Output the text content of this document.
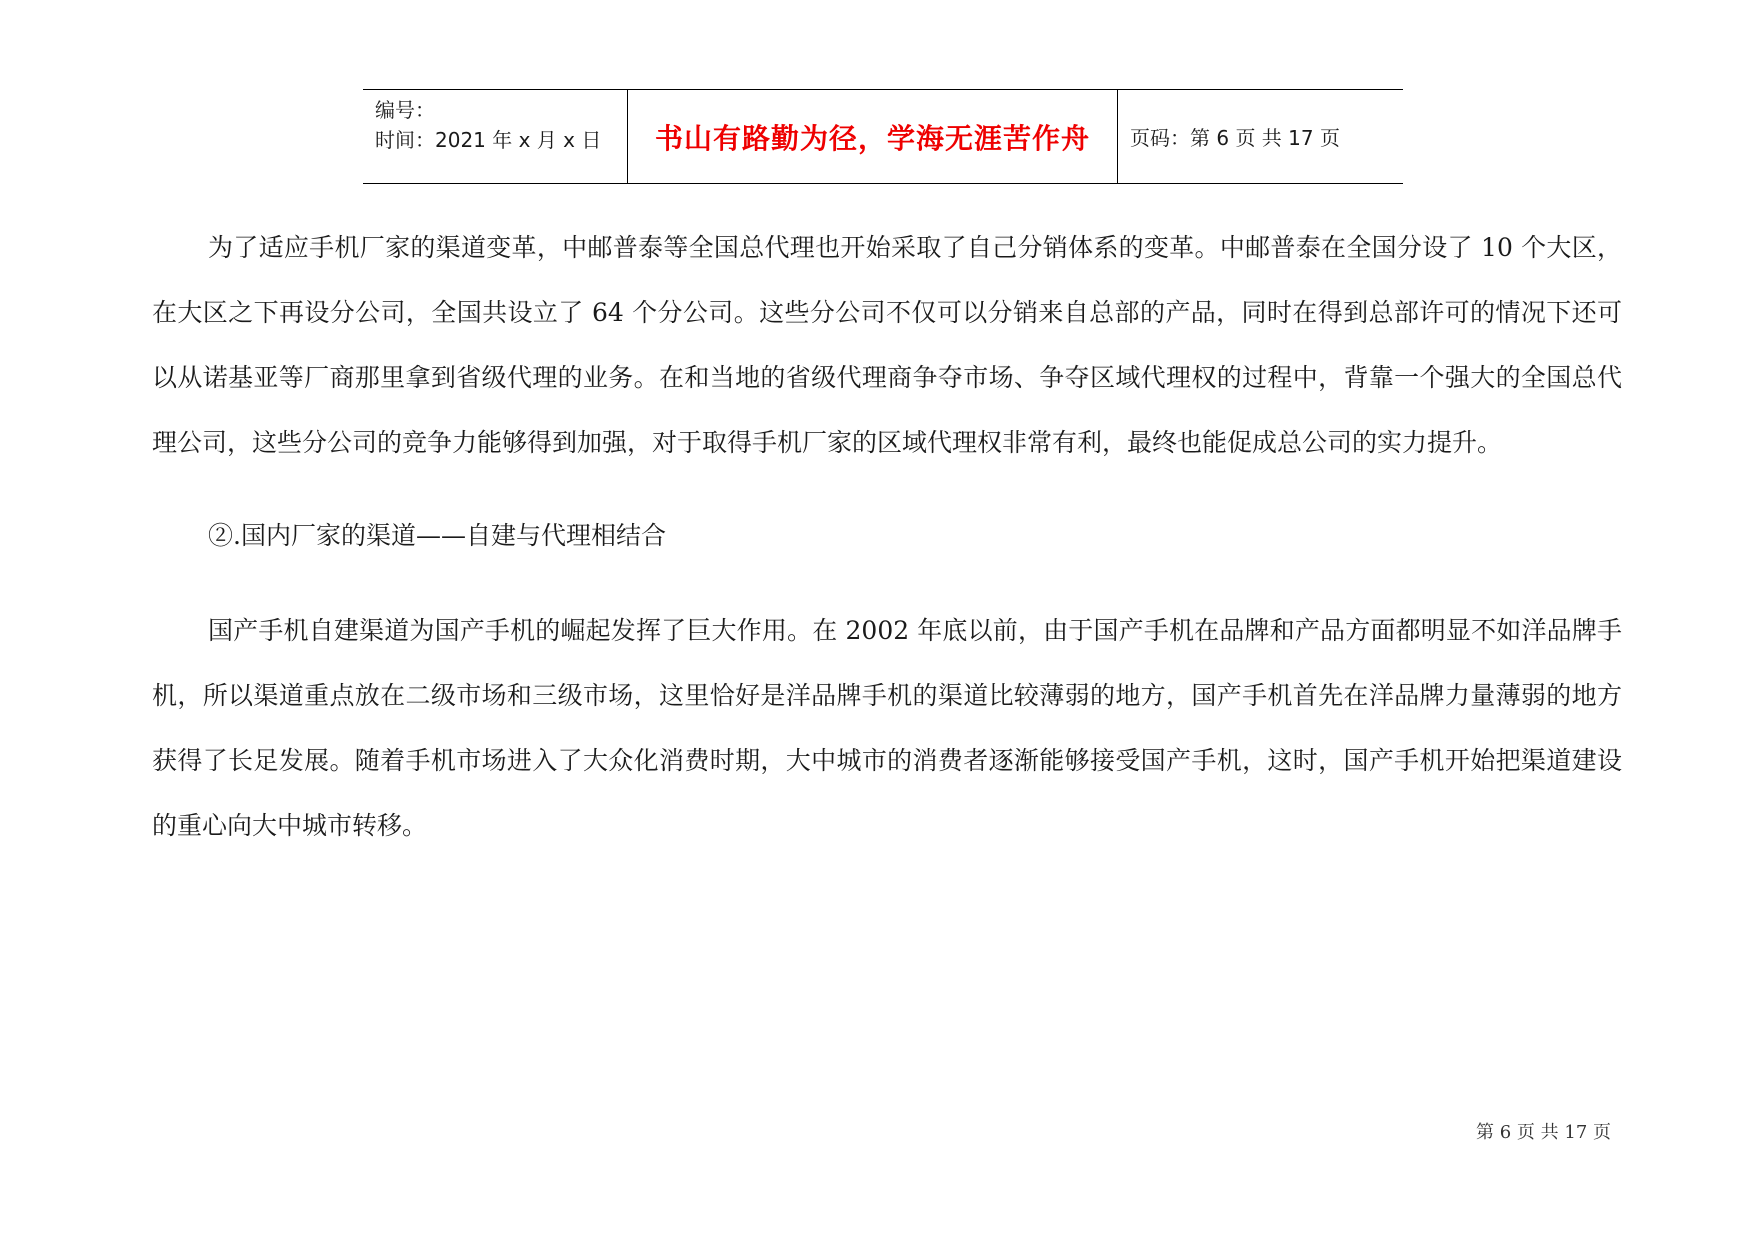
编号：
时间：2021 年 x 月 x 日	书山有路勤为径，学海无涯苦作舟	页码：第 6 页 共 17 页

为了适应手机厂家的渠道变革，中邮普泰等全国总代理也开始采取了自己分销体系的变革。中邮普泰在全国分设了 10 个大区，在大区之下再设分公司，全国共设立了 64 个分公司。这些分公司不仅可以分销来自总部的产品，同时在得到总部许可的情况下还可以从诺基亚等厂商那里拿到省级代理的业务。在和当地的省级代理商争夺市场、争夺区域代理权的过程中，背靠一个强大的全国总代理公司，这些分公司的竞争力能够得到加强，对于取得手机厂家的区域代理权非常有利，最终也能促成总公司的实力提升。

②.国内厂家的渠道——自建与代理相结合

国产手机自建渠道为国产手机的崛起发挥了巨大作用。在 2002 年底以前，由于国产手机在品牌和产品方面都明显不如洋品牌手机，所以渠道重点放在二级市场和三级市场，这里恰好是洋品牌手机的渠道比较薄弱的地方，国产手机首先在洋品牌力量薄弱的地方获得了长足发展。随着手机市场进入了大众化消费时期，大中城市的消费者逐渐能够接受国产手机，这时，国产手机开始把渠道建设的重心向大中城市转移。

第 6 页 共 17 页
